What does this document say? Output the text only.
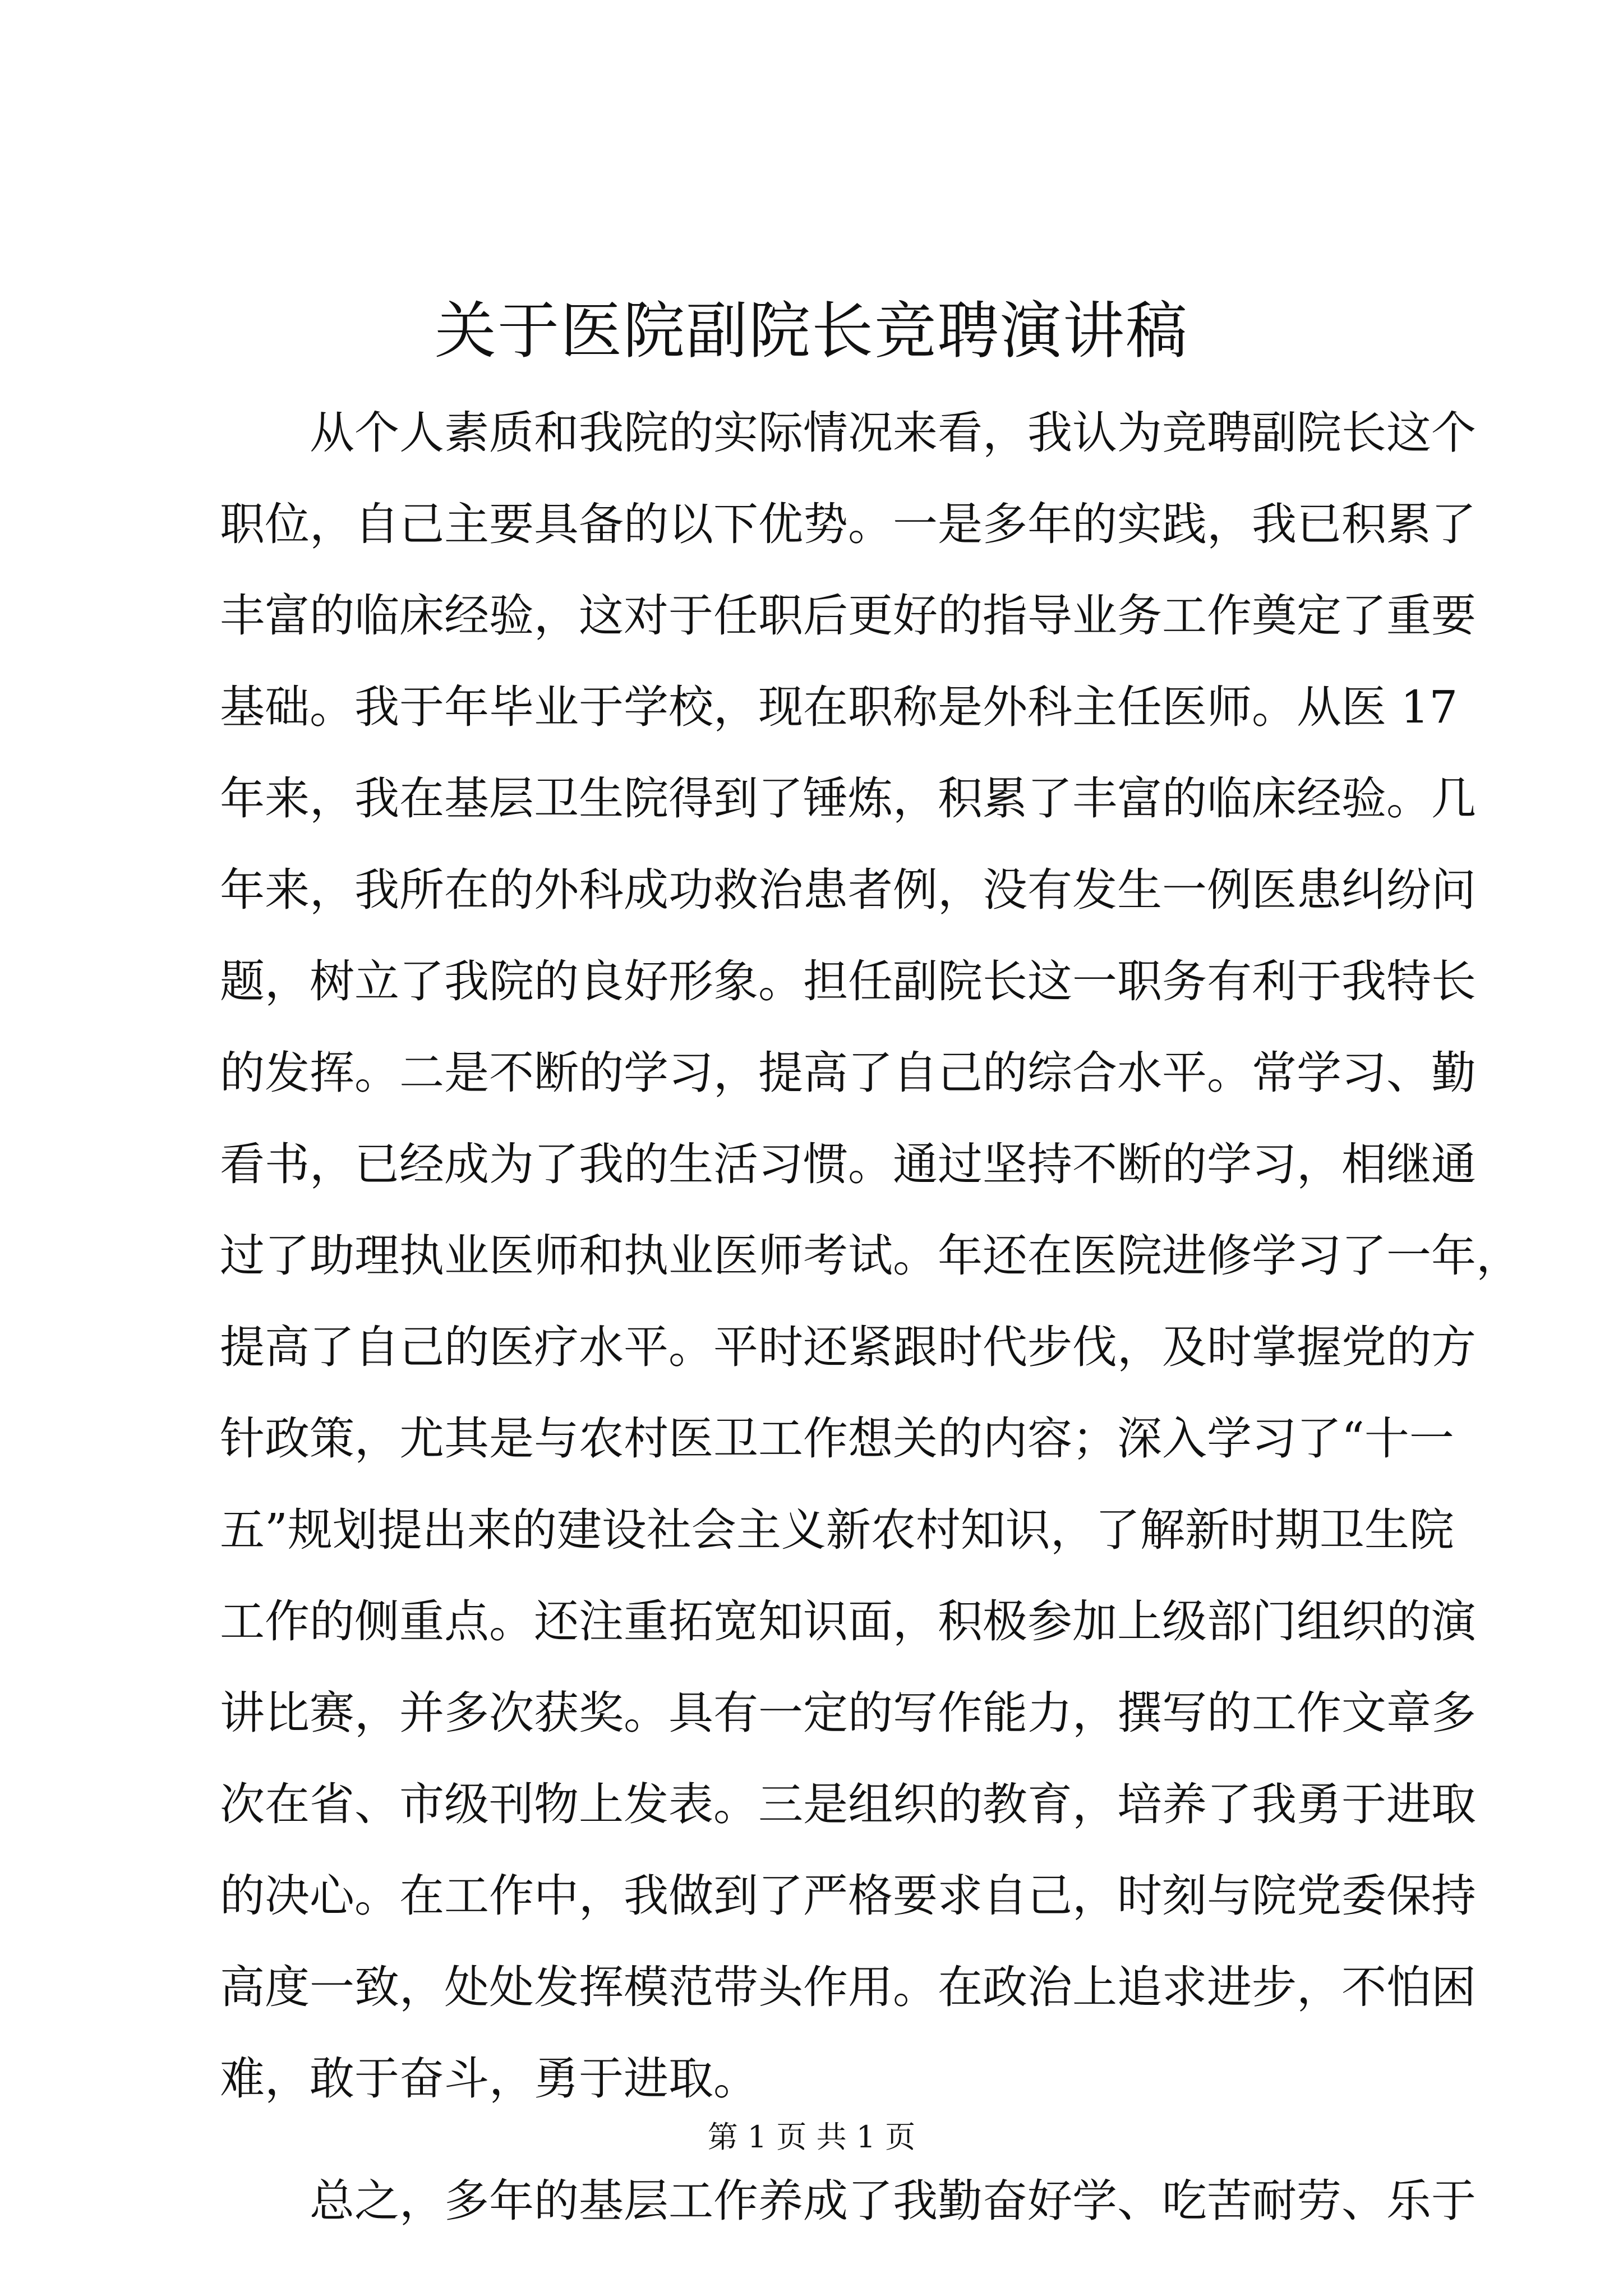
关于医院副院长竞聘演讲稿
从个人素质和我院的实际情况来看，我认为竞聘副院长这个
职位，自己主要具备的以下优势。一是多年的实践，我已积累了
丰富的临床经验，这对于任职后更好的指导业务工作奠定了重要
基础。我于年毕业于学校，现在职称是外科主任医师。从医 17
年来，我在基层卫生院得到了锤炼，积累了丰富的临床经验。几
年来，我所在的外科成功救治患者例，没有发生一例医患纠纷问
题，树立了我院的良好形象。担任副院长这一职务有利于我特长
的发挥。二是不断的学习，提高了自己的综合水平。常学习、勤
看书，已经成为了我的生活习惯。通过坚持不断的学习，相继通
过了助理执业医师和执业医师考试。年还在医院进修学习了一年，
提高了自己的医疗水平。平时还紧跟时代步伐，及时掌握党的方
针政策，尤其是与农村医卫工作想关的内容；深入学习了“十一
五”规划提出来的建设社会主义新农村知识，了解新时期卫生院
工作的侧重点。还注重拓宽知识面，积极参加上级部门组织的演
讲比赛，并多次获奖。具有一定的写作能力，撰写的工作文章多
次在省、市级刊物上发表。三是组织的教育，培养了我勇于进取
的决心。在工作中，我做到了严格要求自己，时刻与院党委保持
高度一致，处处发挥模范带头作用。在政治上追求进步，不怕困
难，敢于奋斗，勇于进取。
总之，多年的基层工作养成了我勤奋好学、吃苦耐劳、乐于
第 1 页 共 1 页
